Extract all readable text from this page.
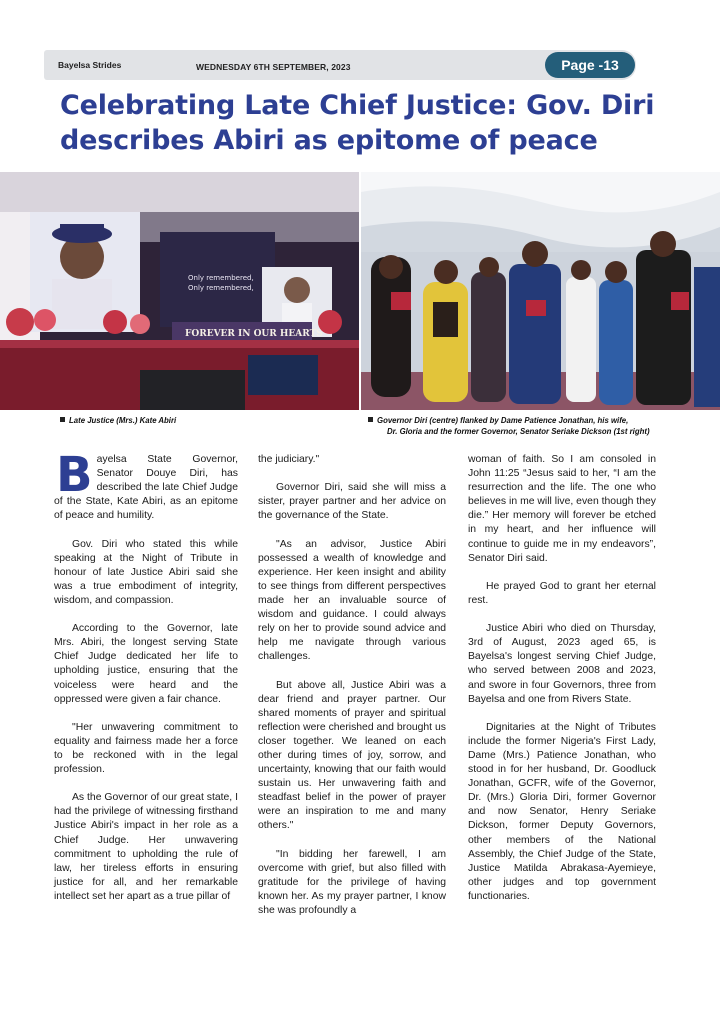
Bayelsa Strides	WEDNESDAY 6TH SEPTEMBER, 2023	Page -13
Celebrating Late Chief Justice: Gov. Diri
describes Abiri as epitome of peace
Only remembered,
Only remembered,
FOREVER IN OUR HEARTS
Late Justice (Mrs.) Kate Abiri	Governor Diri (centre) flanked by Dame Patience Jonathan, his wife,
Dr. Gloria and the former Governor, Senator Seriake Dickson (1st right)

Bayelsa State Governor, Senator Douye Diri, has described the late Chief Judge of the State, Kate Abiri, as an epitome of peace and humility.

Gov. Diri who stated this while speaking at the Night of Tribute in honour of late Justice Abiri said she was a true embodiment of integrity, wisdom, and compassion.

According to the Governor, late Mrs. Abiri, the longest serving State Chief Judge dedicated her life to upholding justice, ensuring that the voiceless were heard and the oppressed were given a fair chance.

"Her unwavering commitment to equality and fairness made her a force to be reckoned with in the legal profession.

As the Governor of our great state, I had the privilege of witnessing firsthand Justice Abiri's impact in her role as a Chief Judge. Her unwavering commitment to upholding the rule of law, her tireless efforts in ensuring justice for all, and her remarkable intellect set her apart as a true pillar of

the judiciary."

Governor Diri, said she will miss a sister, prayer partner and her advice on the governance of the State.

"As an advisor, Justice Abiri possessed a wealth of knowledge and experience. Her keen insight and ability to see things from different perspectives made her an invaluable source of wisdom and guidance. I could always rely on her to provide sound advice and help me navigate through various challenges.

But above all, Justice Abiri was a dear friend and prayer partner. Our shared moments of prayer and spiritual reflection were cherished and brought us closer together. We leaned on each other during times of joy, sorrow, and uncertainty, knowing that our faith would sustain us. Her unwavering faith and steadfast belief in the power of prayer were an inspiration to me and many others."

"In bidding her farewell, I am overcome with grief, but also filled with gratitude for the privilege of having known her. As my prayer partner, I know she was profoundly a

woman of faith. So I am consoled in John 11:25 “Jesus said to her, “I am the resurrection and the life. The one who believes in me will live, even though they die.” Her memory will forever be etched in my heart, and her influence will continue to guide me in my endeavors”, Senator Diri said.

He prayed God to grant her eternal rest.

Justice Abiri who died on Thursday, 3rd of August, 2023 aged 65, is Bayelsa's longest serving Chief Judge, who served between 2008 and 2023, and swore in four Governors, three from Bayelsa and one from Rivers State.

Dignitaries at the Night of Tributes include the former Nigeria's First Lady, Dame (Mrs.) Patience Jonathan, who stood in for her husband, Dr. Goodluck Jonathan, GCFR, wife of the Governor, Dr. (Mrs.) Gloria Diri, former Governor and now Senator, Henry Seriake Dickson, former Deputy Governors, other members of the National Assembly, the Chief Judge of the State, Justice Matilda Abrakasa-Ayemieye, other judges and top government functionaries.
